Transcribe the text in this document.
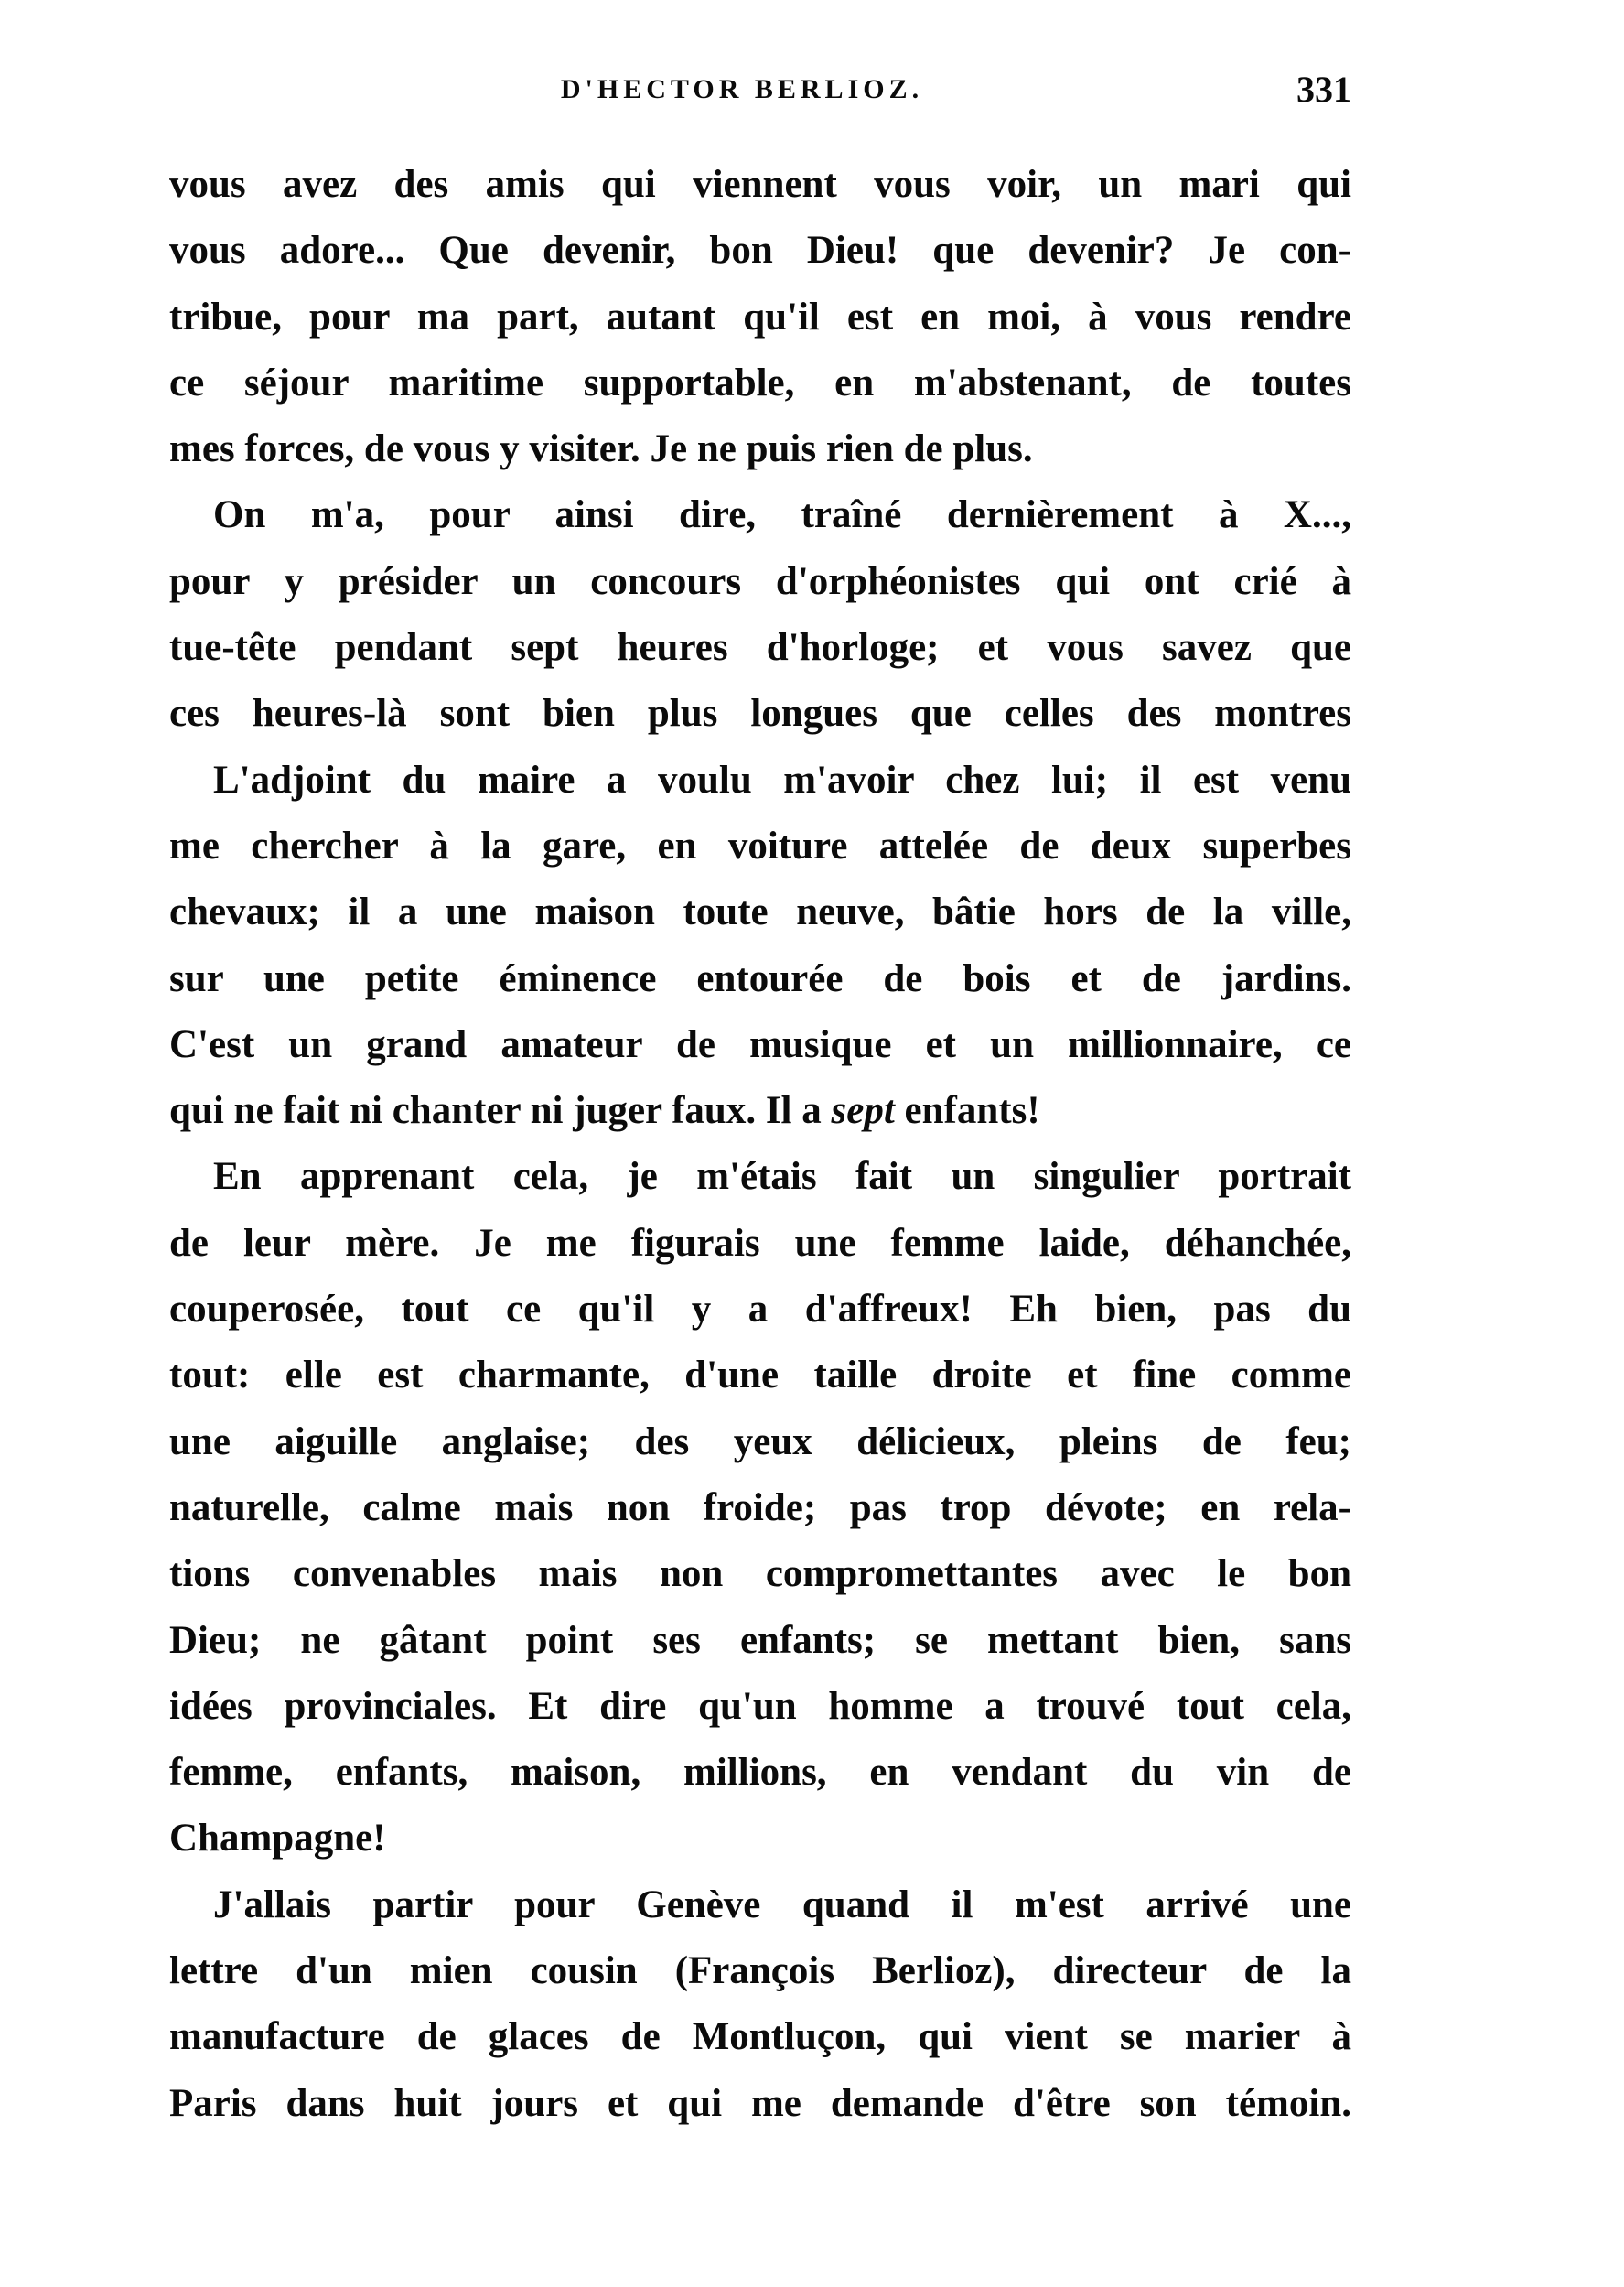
D'HECTOR BERLIOZ.	331
vous avez des amis qui viennent vous voir, un mari qui
vous adore... Que devenir, bon Dieu! que devenir? Je con-
tribue, pour ma part, autant qu'il est en moi, à vous rendre
ce séjour maritime supportable, en m'abstenant, de toutes
mes forces, de vous y visiter. Je ne puis rien de plus.
On m'a, pour ainsi dire, traîné dernièrement à X...,
pour y présider un concours d'orphéonistes qui ont crié à
tue-tête pendant sept heures d'horloge; et vous savez que
ces heures-là sont bien plus longues que celles des montres
L'adjoint du maire a voulu m'avoir chez lui; il est venu
me chercher à la gare, en voiture attelée de deux superbes
chevaux; il a une maison toute neuve, bâtie hors de la ville,
sur une petite éminence entourée de bois et de jardins.
C'est un grand amateur de musique et un millionnaire, ce
qui ne fait ni chanter ni juger faux. Il a sept enfants!
En apprenant cela, je m'étais fait un singulier portrait
de leur mère. Je me figurais une femme laide, déhanchée,
couperosée, tout ce qu'il y a d'affreux! Eh bien, pas du
tout: elle est charmante, d'une taille droite et fine comme
une aiguille anglaise; des yeux délicieux, pleins de feu;
naturelle, calme mais non froide; pas trop dévote; en rela-
tions convenables mais non compromettantes avec le bon
Dieu; ne gâtant point ses enfants; se mettant bien, sans
idées provinciales. Et dire qu'un homme a trouvé tout cela,
femme, enfants, maison, millions, en vendant du vin de
Champagne!
J'allais partir pour Genève quand il m'est arrivé une
lettre d'un mien cousin (François Berlioz), directeur de la
manufacture de glaces de Montluçon, qui vient se marier à
Paris dans huit jours et qui me demande d'être son témoin.
